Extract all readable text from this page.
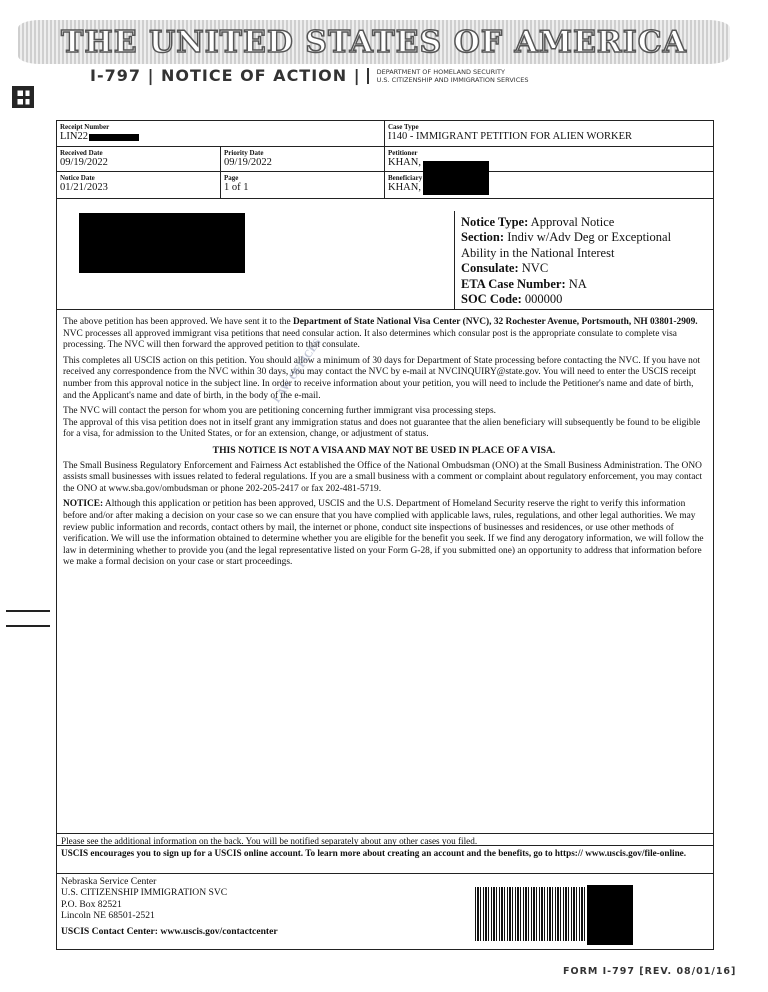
THE UNITED STATES OF AMERICA
I-797 | NOTICE OF ACTION | DEPARTMENT OF HOMELAND SECURITY
U.S. CITIZENSHIP AND IMMIGRATION SERVICES
Receipt Number
LIN22
Case Type
I140 - IMMIGRANT PETITION FOR ALIEN WORKER
Received Date
09/19/2022
Priority Date
09/19/2022
Petitioner
KHAN,
Notice Date
01/21/2023
Page
1 of 1
Beneficiary
KHAN,
Notice Type: Approval Notice
Section: Indiv w/Adv Deg or Exceptional Ability in the National Interest
Consulate: NVC
ETA Case Number: NA
SOC Code: 000000

The above petition has been approved. We have sent it to the Department of State National Visa Center (NVC), 32 Rochester Avenue, Portsmouth, NH 03801-2909. NVC processes all approved immigrant visa petitions that need consular action. It also determines which consular post is the appropriate consulate to complete visa processing. The NVC will then forward the approved petition to that consulate.

This completes all USCIS action on this petition. You should allow a minimum of 30 days for Department of State processing before contacting the NVC. If you have not received any correspondence from the NVC within 30 days, you may contact the NVC by e-mail at NVCINQUIRY@state.gov. You will need to enter the USCIS receipt number from this approval notice in the subject line. In order to receive information about your petition, you will need to include the Petitioner's name and date of birth, and the Applicant's name and date of birth, in the body of the e-mail.

The NVC will contact the person for whom you are petitioning concerning further immigrant visa processing steps.

The approval of this visa petition does not in itself grant any immigration status and does not guarantee that the alien beneficiary will subsequently be found to be eligible for a visa, for admission to the United States, or for an extension, change, or adjustment of status.

THIS NOTICE IS NOT A VISA AND MAY NOT BE USED IN PLACE OF A VISA.

The Small Business Regulatory Enforcement and Fairness Act established the Office of the National Ombudsman (ONO) at the Small Business Administration. The ONO assists small businesses with issues related to federal regulations. If you are a small business with a comment or complaint about regulatory enforcement, you may contact the ONO at www.sba.gov/ombudsman or phone 202-205-2417 or fax 202-481-5719.

NOTICE: Although this application or petition has been approved, USCIS and the U.S. Department of Homeland Security reserve the right to verify this information before and/or after making a decision on your case so we can ensure that you have complied with applicable laws, rules, regulations, and other legal authorities. We may review public information and records, contact others by mail, the internet or phone, conduct site inspections of businesses and residences, or use other methods of verification. We will use the information obtained to determine whether you are eligible for the benefit you seek. If we find any derogatory information, we will follow the law in determining whether to provide you (and the legal representative listed on your Form G-28, if you submitted one) an opportunity to address that information before we make a formal decision on your case or start proceedings.

LAW OFFICES
Please see the additional information on the back. You will be notified separately about any other cases you filed.
USCIS encourages you to sign up for a USCIS online account. To learn more about creating an account and the benefits, go to https:// www.uscis.gov/file-online.
Nebraska Service Center
U.S. CITIZENSHIP IMMIGRATION SVC
P.O. Box 82521
Lincoln NE 68501-2521
USCIS Contact Center: www.uscis.gov/contactcenter
FORM I-797 [REV. 08/01/16]
